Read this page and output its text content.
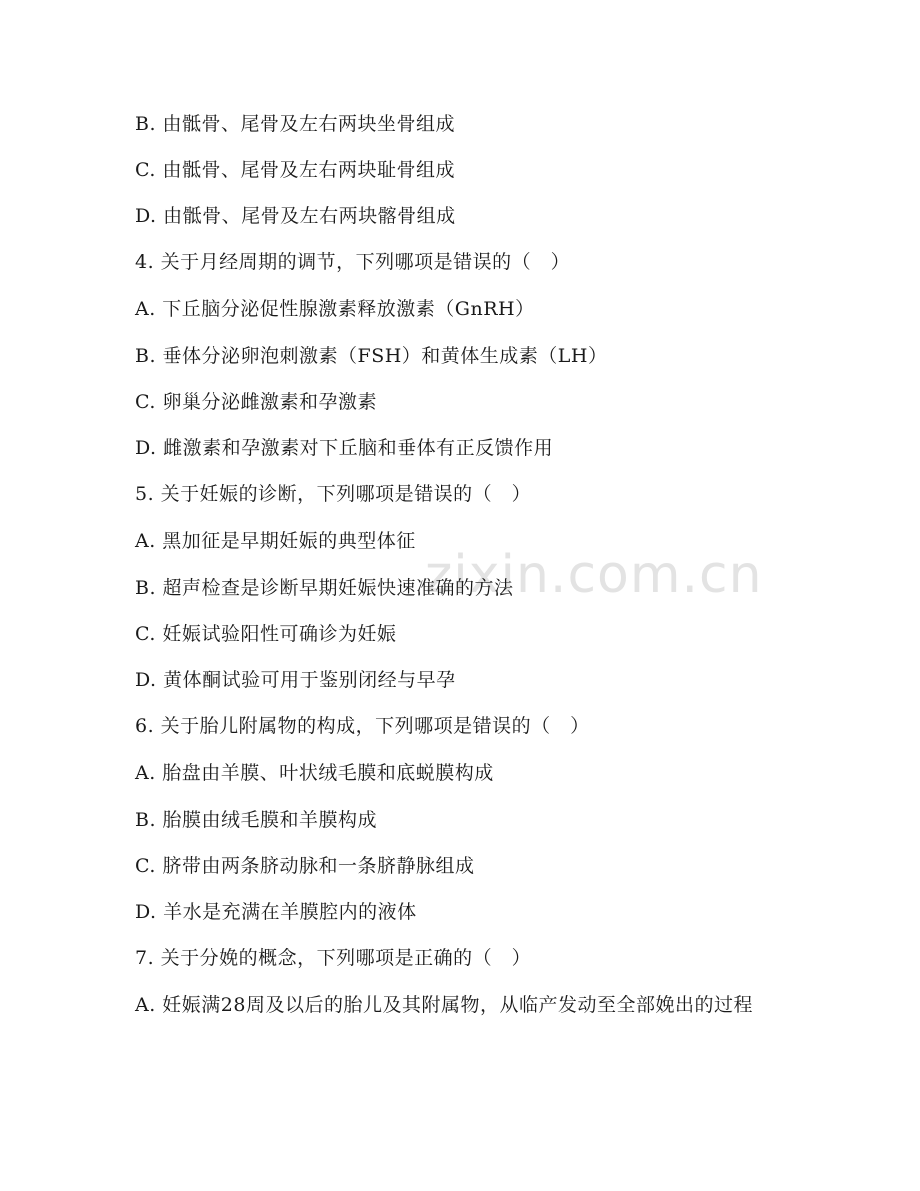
zixin.com.cn
B. 由骶骨、尾骨及左右两块坐骨组成
C. 由骶骨、尾骨及左右两块耻骨组成
D. 由骶骨、尾骨及左右两块髂骨组成
4. 关于月经周期的调节，下列哪项是错误的（　）
A. 下丘脑分泌促性腺激素释放激素（GnRH）
B. 垂体分泌卵泡刺激素（FSH）和黄体生成素（LH）
C. 卵巢分泌雌激素和孕激素
D. 雌激素和孕激素对下丘脑和垂体有正反馈作用
5. 关于妊娠的诊断，下列哪项是错误的（　）
A. 黑加征是早期妊娠的典型体征
B. 超声检查是诊断早期妊娠快速准确的方法
C. 妊娠试验阳性可确诊为妊娠
D. 黄体酮试验可用于鉴别闭经与早孕
6. 关于胎儿附属物的构成，下列哪项是错误的（　）
A. 胎盘由羊膜、叶状绒毛膜和底蜕膜构成
B. 胎膜由绒毛膜和羊膜构成
C. 脐带由两条脐动脉和一条脐静脉组成
D. 羊水是充满在羊膜腔内的液体
7. 关于分娩的概念，下列哪项是正确的（　）
A. 妊娠满28周及以后的胎儿及其附属物，从临产发动至全部娩出的过程
